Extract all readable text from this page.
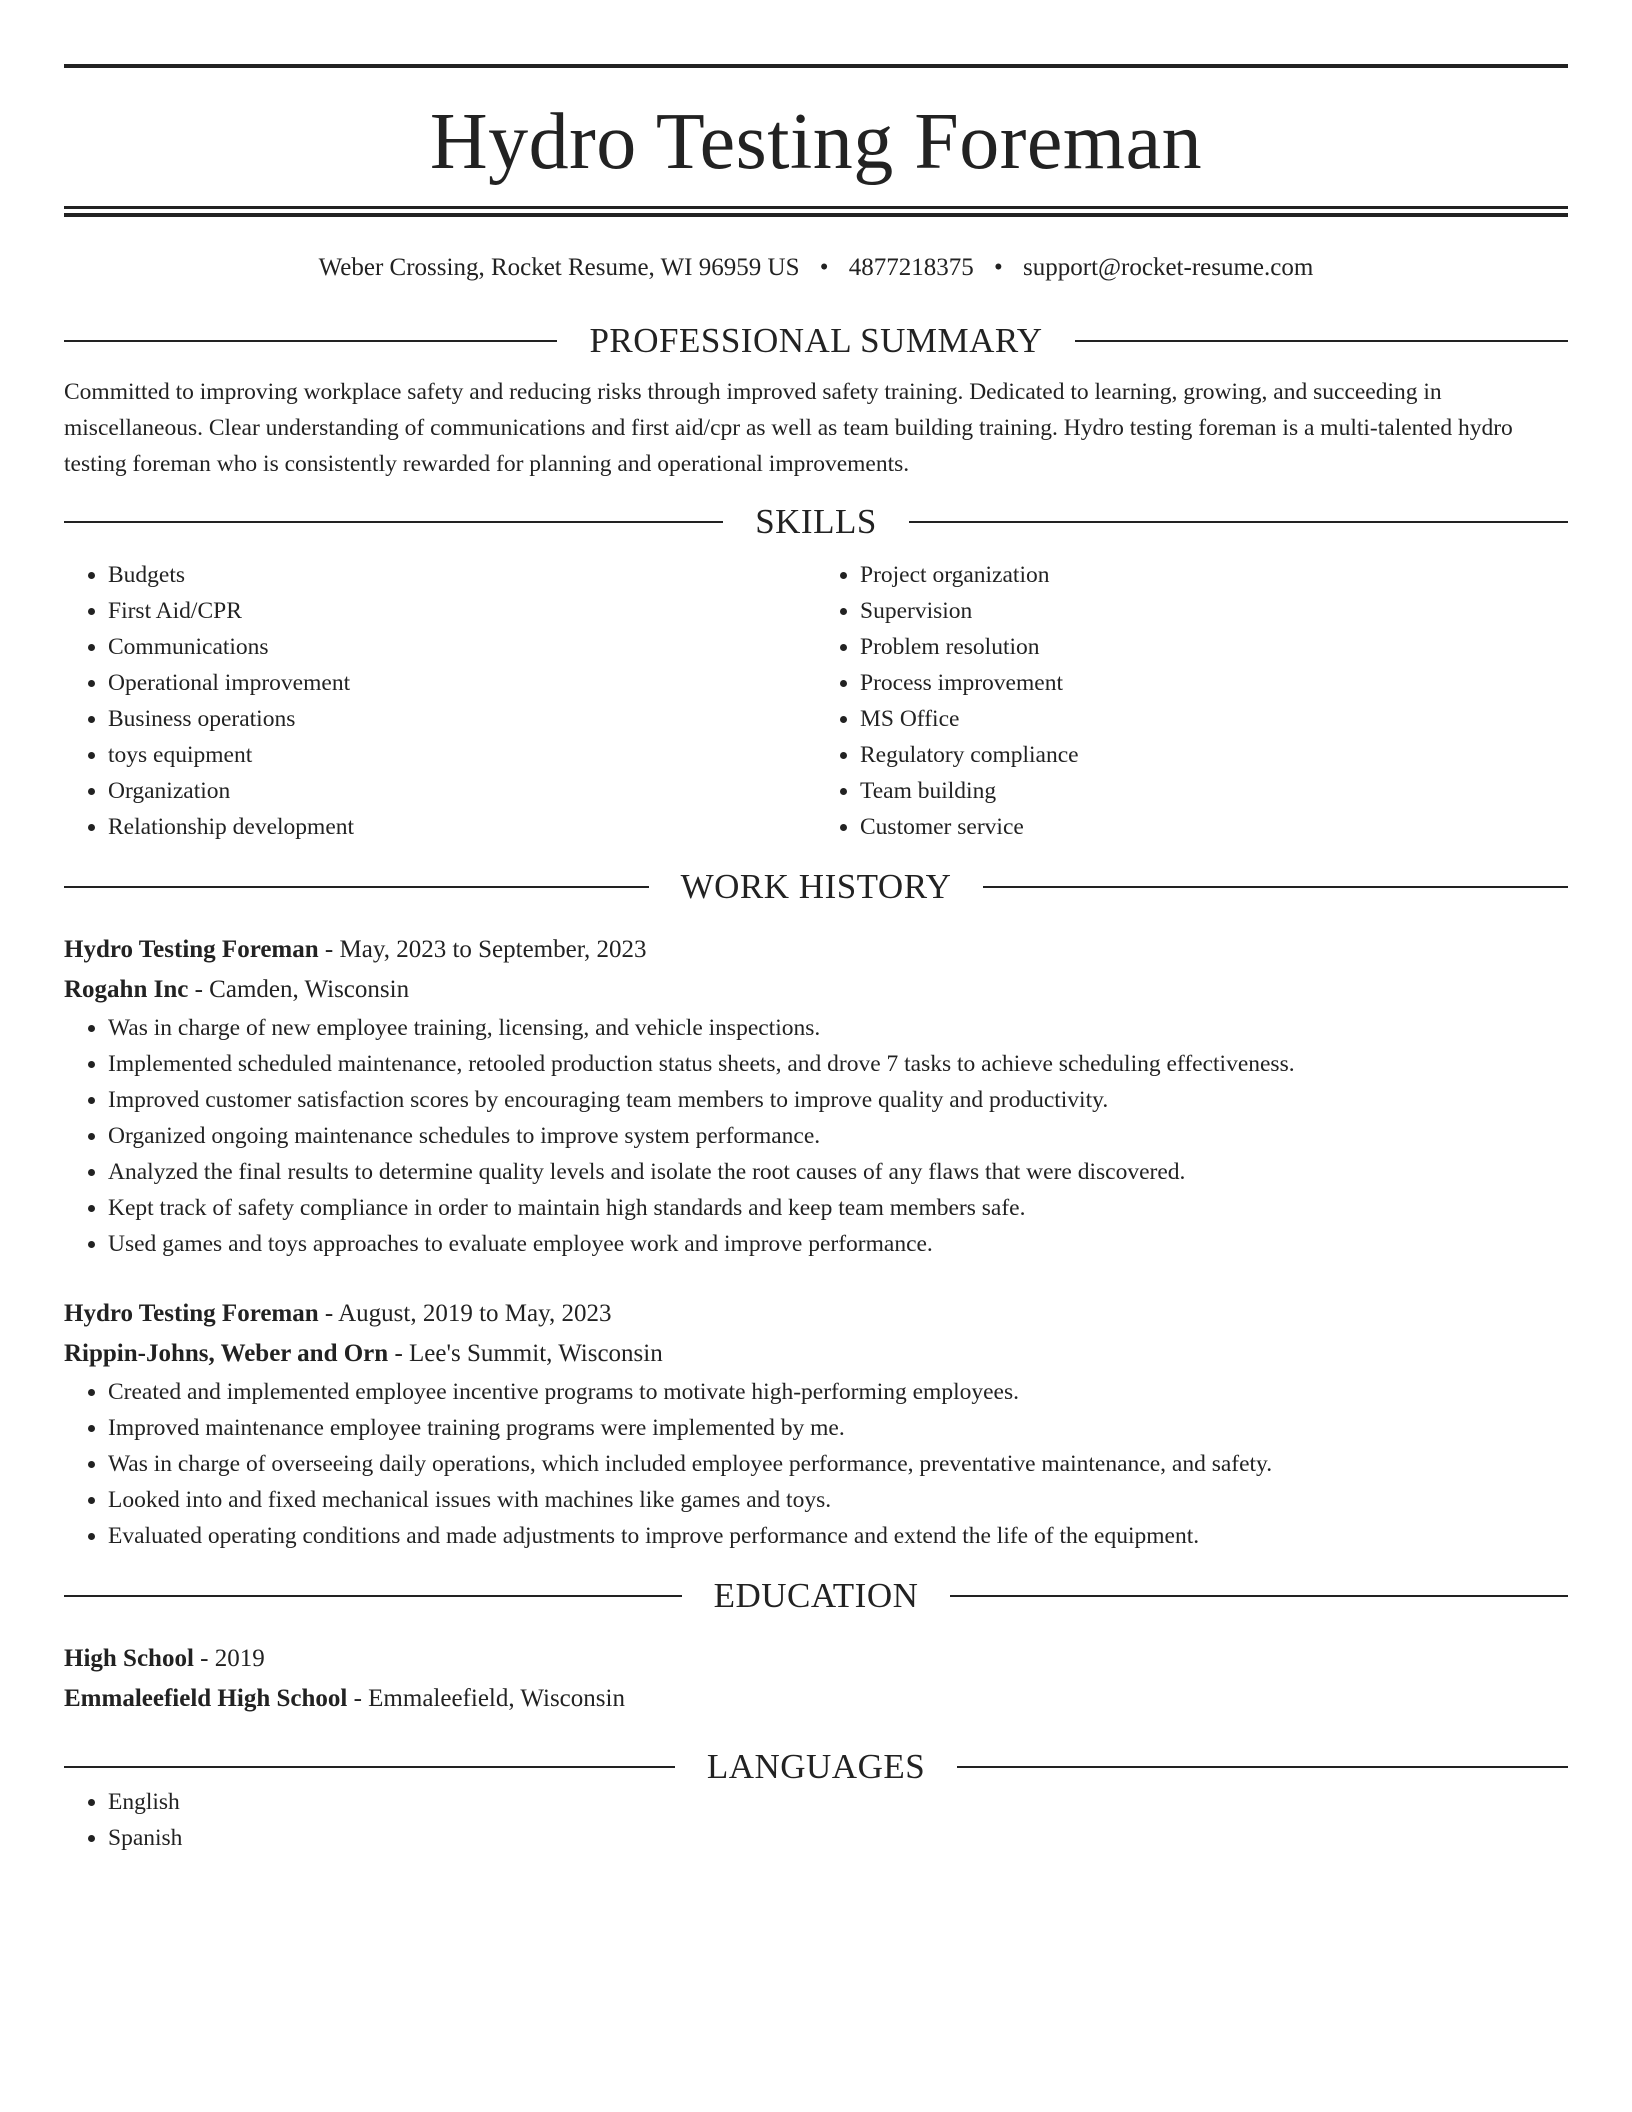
Hydro Testing Foreman
Weber Crossing, Rocket Resume, WI 96959 US • 4877218375 • support@rocket-resume.com
PROFESSIONAL SUMMARY
Committed to improving workplace safety and reducing risks through improved safety training. Dedicated to learning, growing, and succeeding in miscellaneous. Clear understanding of communications and first aid/cpr as well as team building training. Hydro testing foreman is a multi-talented hydro testing foreman who is consistently rewarded for planning and operational improvements.
SKILLS
• Budgets
• First Aid/CPR
• Communications
• Operational improvement
• Business operations
• toys equipment
• Organization
• Relationship development
• Project organization
• Supervision
• Problem resolution
• Process improvement
• MS Office
• Regulatory compliance
• Team building
• Customer service
WORK HISTORY
Hydro Testing Foreman - May, 2023 to September, 2023
Rogahn Inc - Camden, Wisconsin
• Was in charge of new employee training, licensing, and vehicle inspections.
• Implemented scheduled maintenance, retooled production status sheets, and drove 7 tasks to achieve scheduling effectiveness.
• Improved customer satisfaction scores by encouraging team members to improve quality and productivity.
• Organized ongoing maintenance schedules to improve system performance.
• Analyzed the final results to determine quality levels and isolate the root causes of any flaws that were discovered.
• Kept track of safety compliance in order to maintain high standards and keep team members safe.
• Used games and toys approaches to evaluate employee work and improve performance.
Hydro Testing Foreman - August, 2019 to May, 2023
Rippin-Johns, Weber and Orn - Lee's Summit, Wisconsin
• Created and implemented employee incentive programs to motivate high-performing employees.
• Improved maintenance employee training programs were implemented by me.
• Was in charge of overseeing daily operations, which included employee performance, preventative maintenance, and safety.
• Looked into and fixed mechanical issues with machines like games and toys.
• Evaluated operating conditions and made adjustments to improve performance and extend the life of the equipment.
EDUCATION
High School - 2019
Emmaleefield High School - Emmaleefield, Wisconsin
LANGUAGES
• English
• Spanish
